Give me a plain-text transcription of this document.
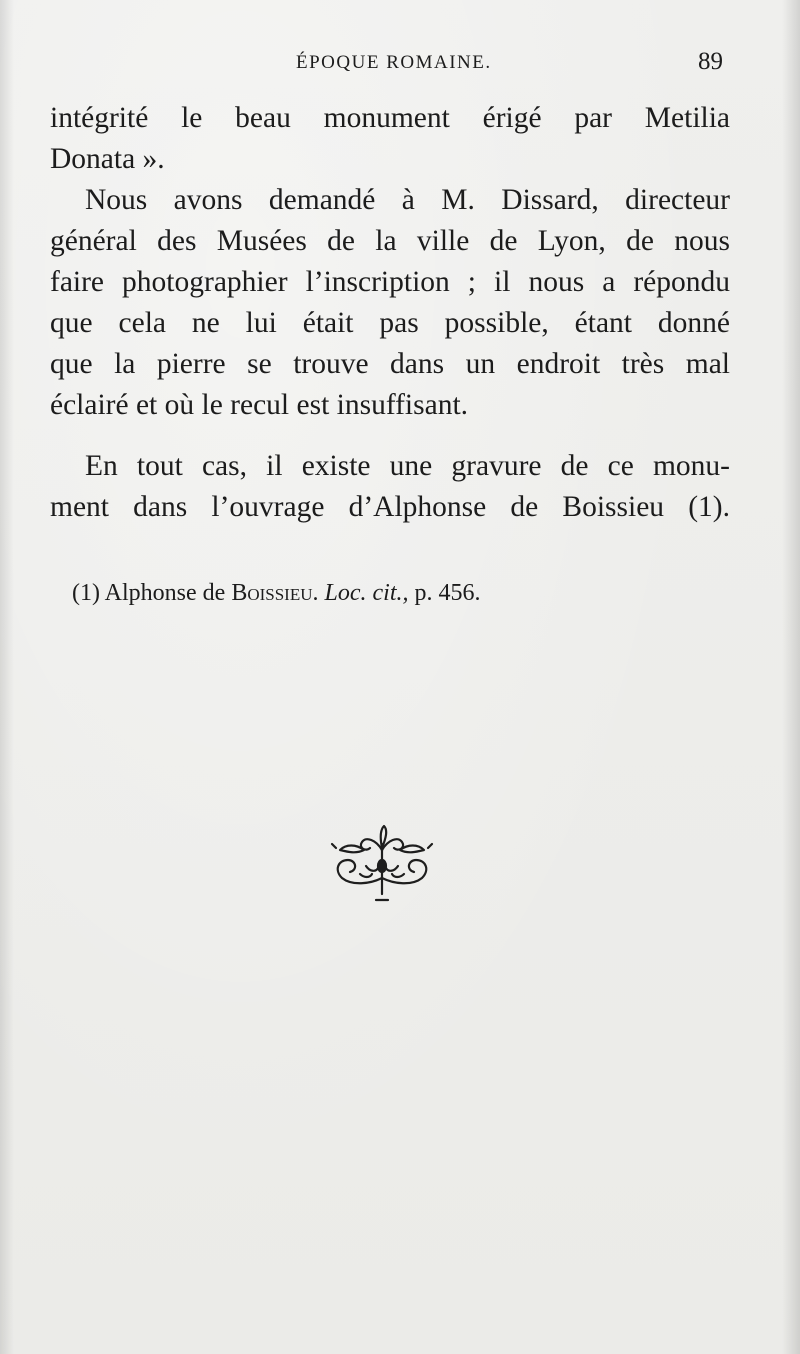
ÉPOQUE ROMAINE.	89
intégrité le beau monument érigé par Metilia
Donata ».
Nous avons demandé à M. Dissard, directeur
général des Musées de la ville de Lyon, de nous
faire photographier l’inscription ; il nous a répondu
que cela ne lui était pas possible, étant donné
que la pierre se trouve dans un endroit très mal
éclairé et où le recul est insuffisant.
En tout cas, il existe une gravure de ce monu-
ment dans l’ouvrage d’Alphonse de Boissieu (1).
(1) Alphonse de Boissieu. Loc. cit., p. 456.
